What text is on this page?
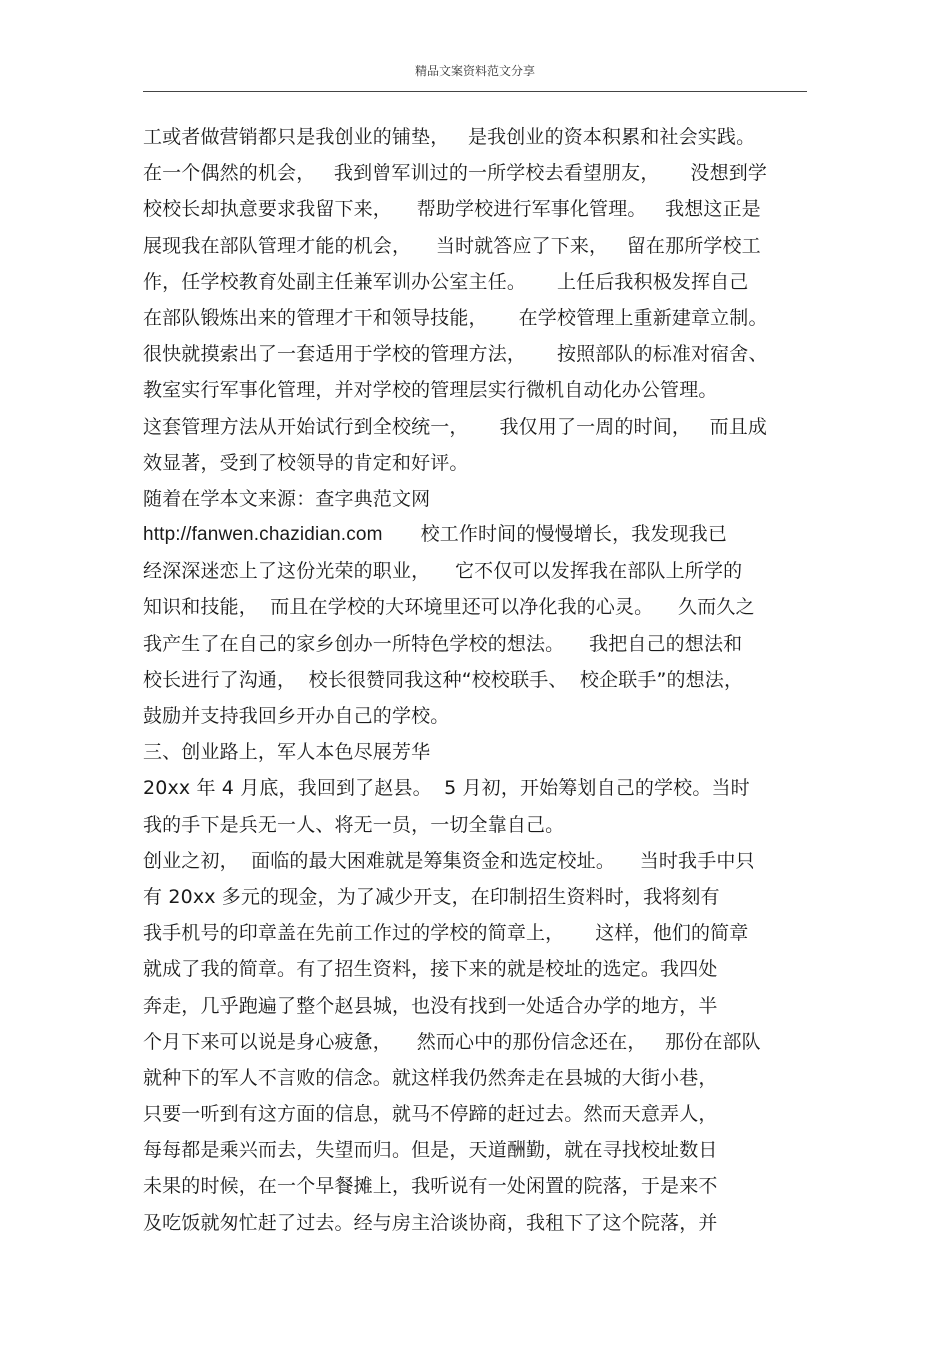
精品文案资料范文分享
工或者做营销都只是我创业的铺垫，   是我创业的资本积累和社会实践。
在一个偶然的机会，   我到曾军训过的一所学校去看望朋友，     没想到学
校校长却执意要求我留下来，    帮助学校进行军事化管理。   我想这正是
展现我在部队管理才能的机会，    当时就答应了下来，   留在那所学校工
作，任学校教育处副主任兼军训办公室主任。     上任后我积极发挥自己
在部队锻炼出来的管理才干和领导技能，     在学校管理上重新建章立制。
很快就摸索出了一套适用于学校的管理方法，     按照部队的标准对宿舍、
教室实行军事化管理，并对学校的管理层实行微机自动化办公管理。
这套管理方法从开始试行到全校统一，     我仅用了一周的时间，   而且成
效显著，受到了校领导的肯定和好评。
随着在学本文来源：查字典范文网
http://fanwen.chazidian.com       校工作时间的慢慢增长，我发现我已
经深深迷恋上了这份光荣的职业，    它不仅可以发挥我在部队上所学的
知识和技能，  而且在学校的大环境里还可以净化我的心灵。    久而久之
我产生了在自己的家乡创办一所特色学校的想法。    我把自己的想法和
校长进行了沟通，  校长很赞同我这种“校校联手、  校企联手”的想法，
鼓励并支持我回乡开办自己的学校。
三、创业路上，军人本色尽展芳华
20xx 年 4 月底，我回到了赵县。  5 月初，开始筹划自己的学校。当时
我的手下是兵无一人、将无一员，一切全靠自己。
创业之初，  面临的最大困难就是筹集资金和选定校址。    当时我手中只
有 20xx 多元的现金，为了减少开支，在印制招生资料时，我将刻有
我手机号的印章盖在先前工作过的学校的简章上，     这样，他们的简章
就成了我的简章。有了招生资料，接下来的就是校址的选定。我四处
奔走，几乎跑遍了整个赵县城，也没有找到一处适合办学的地方，半
个月下来可以说是身心疲惫，    然而心中的那份信念还在，   那份在部队
就种下的军人不言败的信念。就这样我仍然奔走在县城的大街小巷，
只要一听到有这方面的信息，就马不停蹄的赶过去。然而天意弄人，
每每都是乘兴而去，失望而归。但是，天道酬勤，就在寻找校址数日
未果的时候，在一个早餐摊上，我听说有一处闲置的院落，于是来不
及吃饭就匆忙赶了过去。经与房主洽谈协商，我租下了这个院落，并
